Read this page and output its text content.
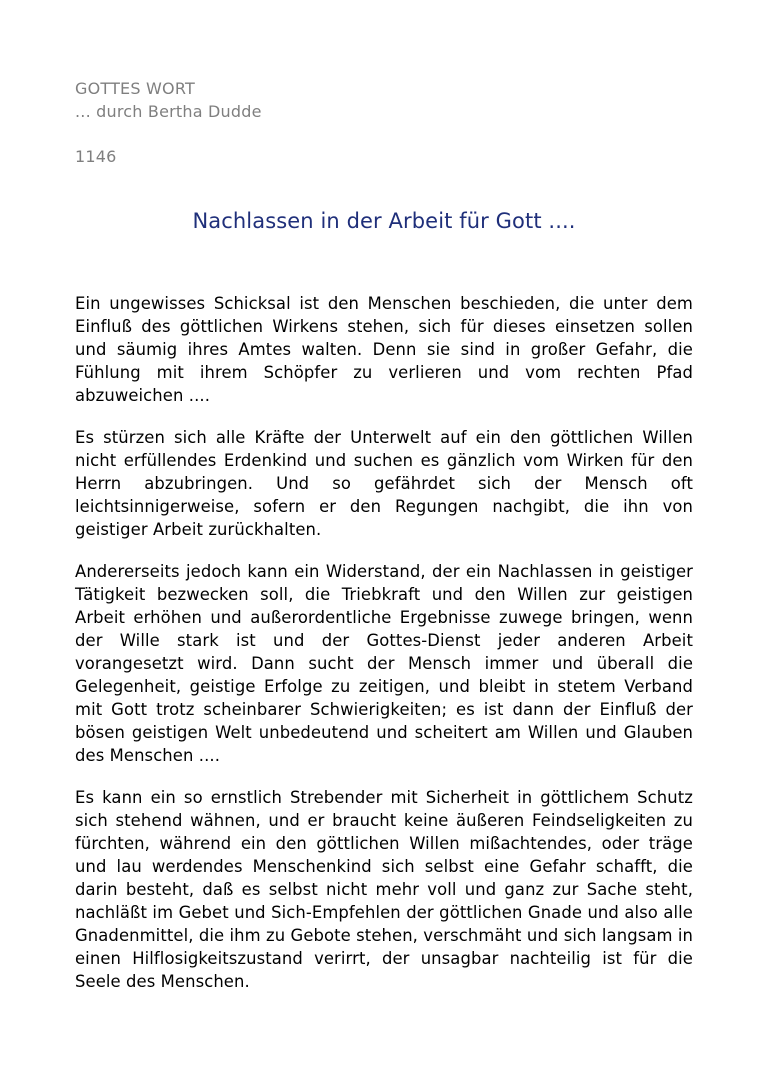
GOTTES WORT
... durch Bertha Dudde
1146
Nachlassen in der Arbeit für Gott ....

Ein ungewisses Schicksal ist den Menschen beschieden, die unter dem Einfluß des göttlichen Wirkens stehen, sich für dieses einsetzen sollen und säumig ihres Amtes walten. Denn sie sind in großer Gefahr, die Fühlung mit ihrem Schöpfer zu verlieren und vom rechten Pfad abzuweichen ....

Es stürzen sich alle Kräfte der Unterwelt auf ein den göttlichen Willen nicht erfüllendes Erdenkind und suchen es gänzlich vom Wirken für den Herrn abzubringen. Und so gefährdet sich der Mensch oft leichtsinnigerweise, sofern er den Regungen nachgibt, die ihn von geistiger Arbeit zurückhalten.

Andererseits jedoch kann ein Widerstand, der ein Nachlassen in geistiger Tätigkeit bezwecken soll, die Triebkraft und den Willen zur geistigen Arbeit erhöhen und außerordentliche Ergebnisse zuwege bringen, wenn der Wille stark ist und der Gottes-Dienst jeder anderen Arbeit vorangesetzt wird. Dann sucht der Mensch immer und überall die Gelegenheit, geistige Erfolge zu zeitigen, und bleibt in stetem Verband mit Gott trotz scheinbarer Schwierigkeiten; es ist dann der Einfluß der bösen geistigen Welt unbedeutend und scheitert am Willen und Glauben des Menschen ....

Es kann ein so ernstlich Strebender mit Sicherheit in göttlichem Schutz sich stehend wähnen, und er braucht keine äußeren Feindseligkeiten zu fürchten, während ein den göttlichen Willen mißachtendes, oder träge und lau werdendes Menschenkind sich selbst eine Gefahr schafft, die darin besteht, daß es selbst nicht mehr voll und ganz zur Sache steht, nachläßt im Gebet und Sich-Empfehlen der göttlichen Gnade und also alle Gnadenmittel, die ihm zu Gebote stehen, verschmäht und sich langsam in einen Hilflosigkeitszustand verirrt, der unsagbar nachteilig ist für die Seele des Menschen.
